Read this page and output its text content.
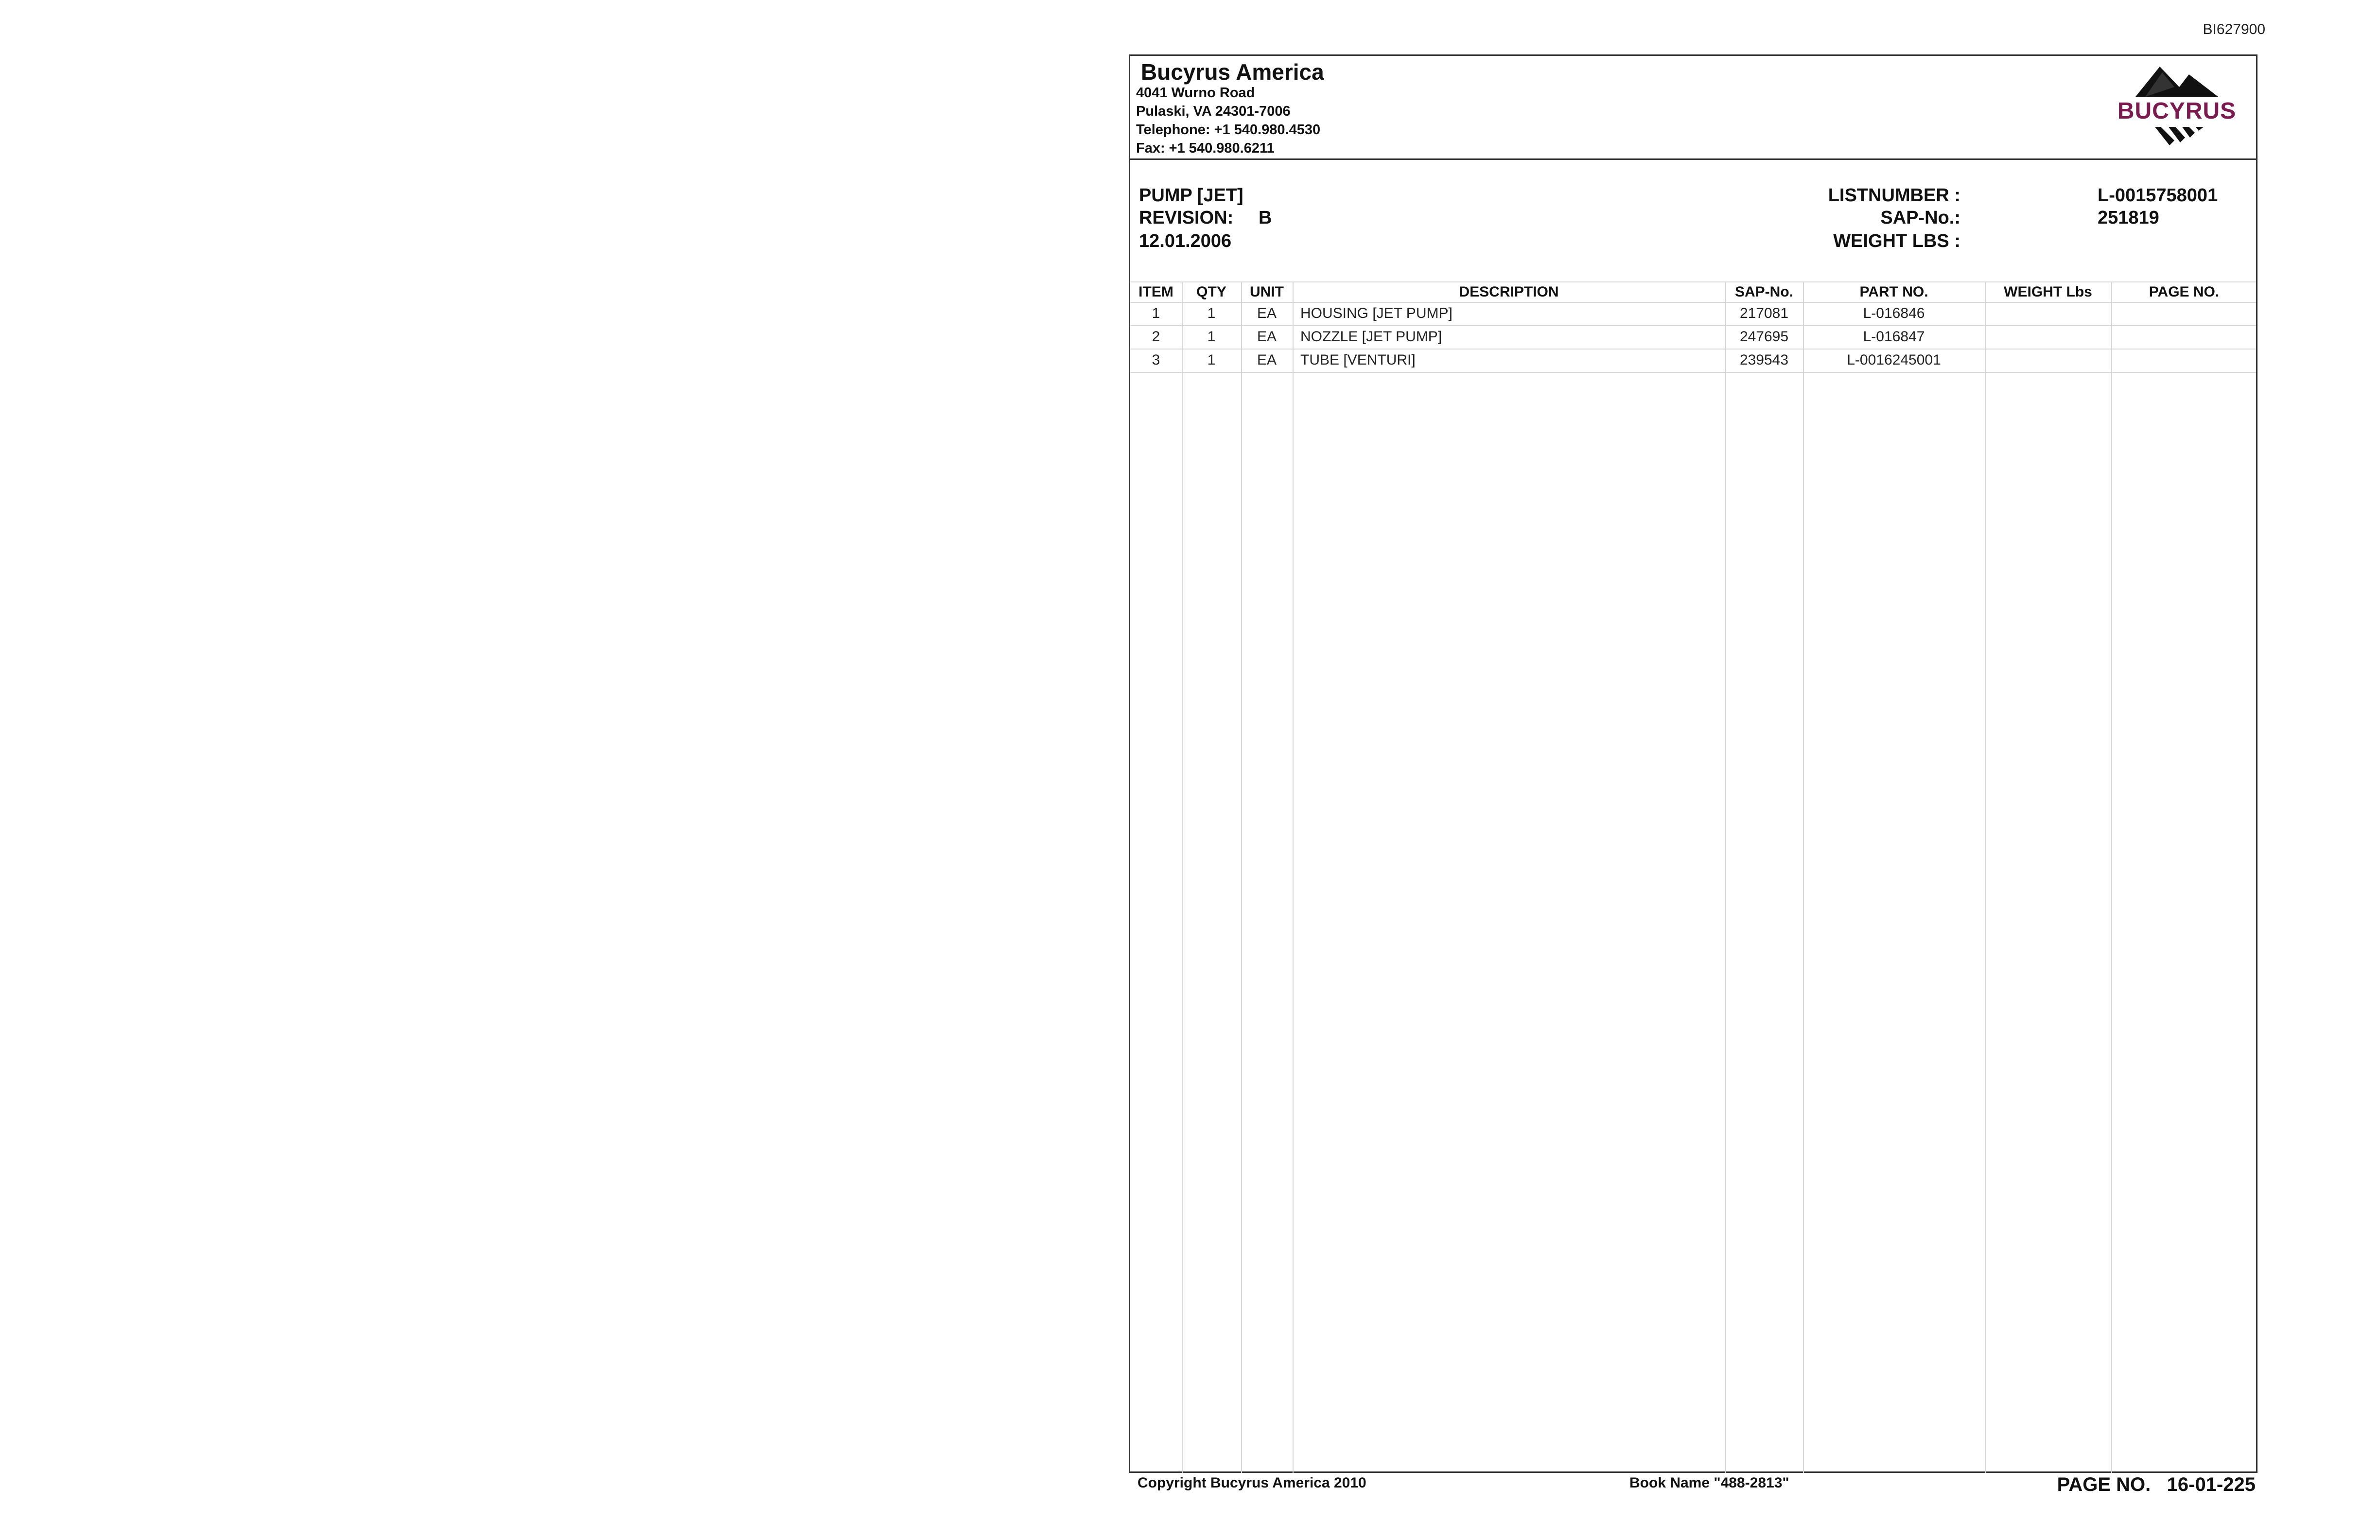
BI627900
Bucyrus America
4041 Wurno Road
Pulaski, VA 24301-7006
Telephone: +1 540.980.4530
Fax: +1 540.980.6211
BUCYRUS
PUMP [JET]
REVISION: B
12.01.2006
LISTNUMBER :	L-0015758001
SAP-No.:	251819
WEIGHT LBS :
ITEM	QTY	UNIT	DESCRIPTION	SAP-No.	PART NO.	WEIGHT Lbs	PAGE NO.
1	1	EA	HOUSING [JET PUMP]	217081	L-016846
2	1	EA	NOZZLE [JET PUMP]	247695	L-016847
3	1	EA	TUBE [VENTURI]	239543	L-0016245001
Copyright Bucyrus America 2010	Book Name "488-2813"	PAGE NO. 16-01-225
